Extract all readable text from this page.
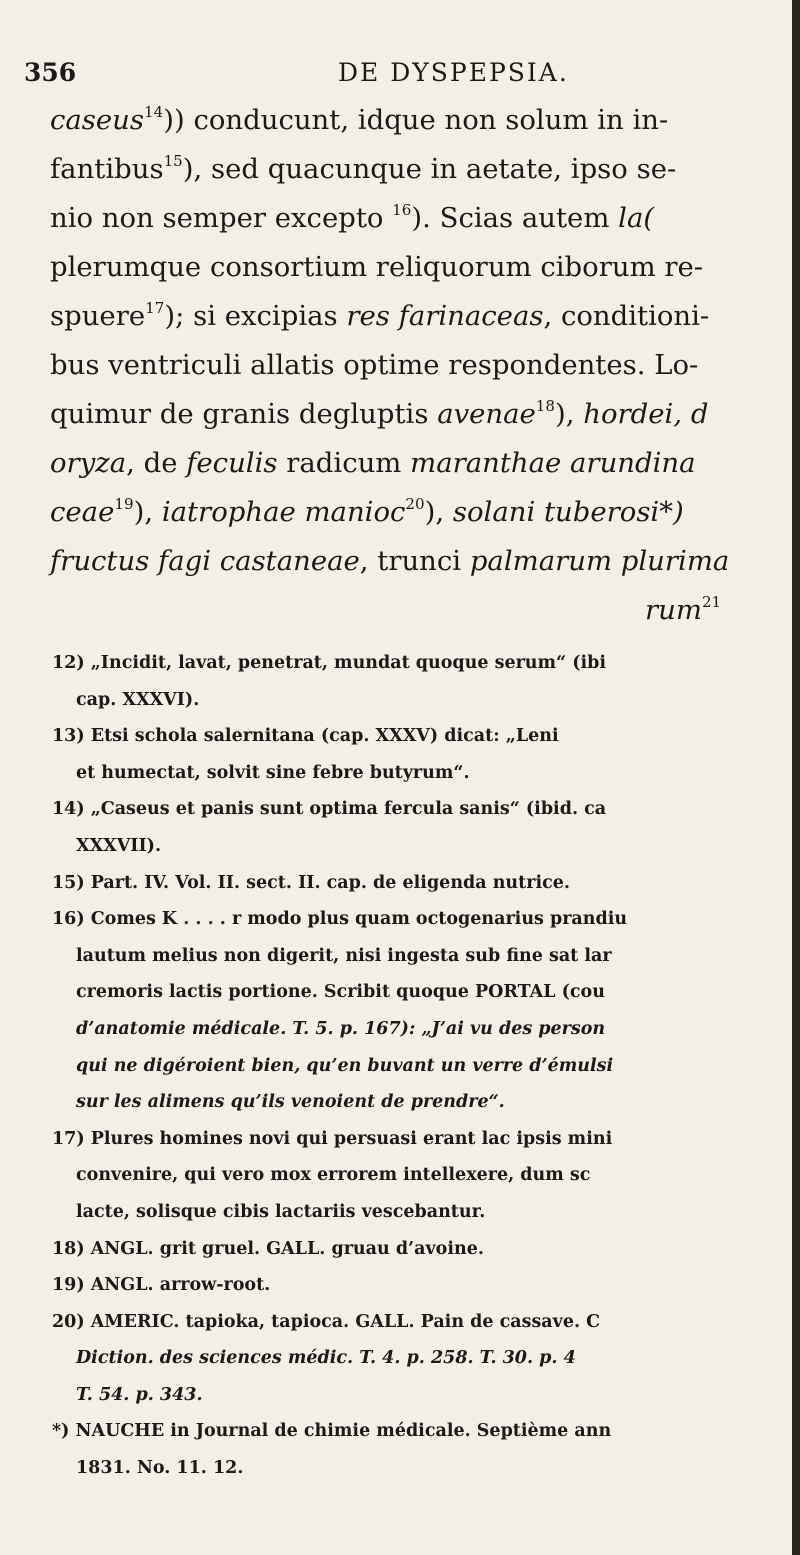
356	DE DYSPEPSIA.
caseus$^{14}$)) conducunt, idque non solum in in-
fantibus$^{15}$), sed quacunque in aetate, ipso se-
nio non semper excepto $^{16}$). Scias autem la(
plerumque consortium reliquorum ciborum re-
spuere$^{17}$); si excipias res farinaceas, conditioni-
bus ventriculi allatis optime respondentes. Lo-
quimur de granis degluptis avenae$^{18}$), hordei, d
oryza, de feculis radicum maranthae arundina
ceae$^{19}$), iatrophae manioc$^{20}$), solani tuberosi*)
fructus fagi castaneae, trunci palmarum plurima
rum$^{21}$
12) „Incidit, lavat, penetrat, mundat quoque serum“ (ibi
cap. XXXVI).
13) Etsi schola salernitana (cap. XXXV) dicat: „Leni
et humectat, solvit sine febre butyrum“.
14) „Caseus et panis sunt optima fercula sanis“ (ibid. ca
XXXVII).
15) Part. IV. Vol. II. sect. II. cap. de eligenda nutrice.
16) Comes K . . . . r modo plus quam octogenarius prandiu
lautum melius non digerit, nisi ingesta sub fine sat lar
cremoris lactis portione. Scribit quoque PORTAL (cou
d’anatomie médicale. T. 5. p. 167): „J’ai vu des person
qui ne digéroient bien, qu’en buvant un verre d’émulsi
sur les alimens qu’ils venoient de prendre“.
17) Plures homines novi qui persuasi erant lac ipsis mini
convenire, qui vero mox errorem intellexere, dum sc
lacte, solisque cibis lactariis vescebantur.
18) ANGL. grit gruel. GALL. gruau d’avoine.
19) ANGL. arrow-root.
20) AMERIC. tapioka, tapioca. GALL. Pain de cassave. C
Diction. des sciences médic. T. 4. p. 258. T. 30. p. 4
T. 54. p. 343.
*) NAUCHE in Journal de chimie médicale. Septième ann
1831. No. 11. 12.
